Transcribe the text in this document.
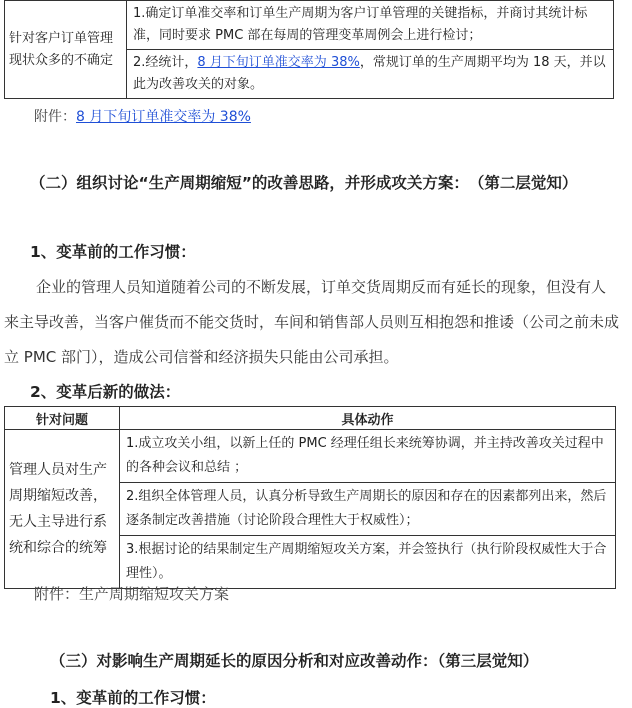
针对客户订单管理现状众多的不确定	1.确定订单准交率和订单生产周期为客户订单管理的关键指标，并商讨其统计标准，同时要求 PMC 部在每周的管理变革周例会上进行检讨；
2.经统计，8 月下旬订单准交率为 38%，常规订单的生产周期平均为 18 天，并以此为改善攻关的对象。
附件：8 月下旬订单准交率为 38%
（二）组织讨论“生产周期缩短”的改善思路，并形成攻关方案：　（第二层觉知）
1、变革前的工作习惯：
企业的管理人员知道随着公司的不断发展，订单交货周期反而有延长的现象，但没有人来主导改善，当客户催货而不能交货时，车间和销售部人员则互相抱怨和推诿（公司之前未成立 PMC 部门），造成公司信誉和经济损失只能由公司承担。
2、变革后新的做法：
针对问题	具体动作
管理人员对生产周期缩短改善，无人主导进行系统和综合的统筹	1.成立攻关小组，以新上任的 PMC 经理任组长来统筹协调，并主持改善攻关过程中的各种会议和总结 ；
	2.组织全体管理人员，认真分析导致生产周期长的原因和存在的因素都列出来，然后逐条制定改善措施（讨论阶段合理性大于权威性）；
	3.根据讨论的结果制定生产周期缩短攻关方案，并会签执行（执行阶段权威性大于合理性）。
附件：生产周期缩短攻关方案
（三）对影响生产周期延长的原因分析和对应改善动作：（第三层觉知）
1、变革前的工作习惯：
